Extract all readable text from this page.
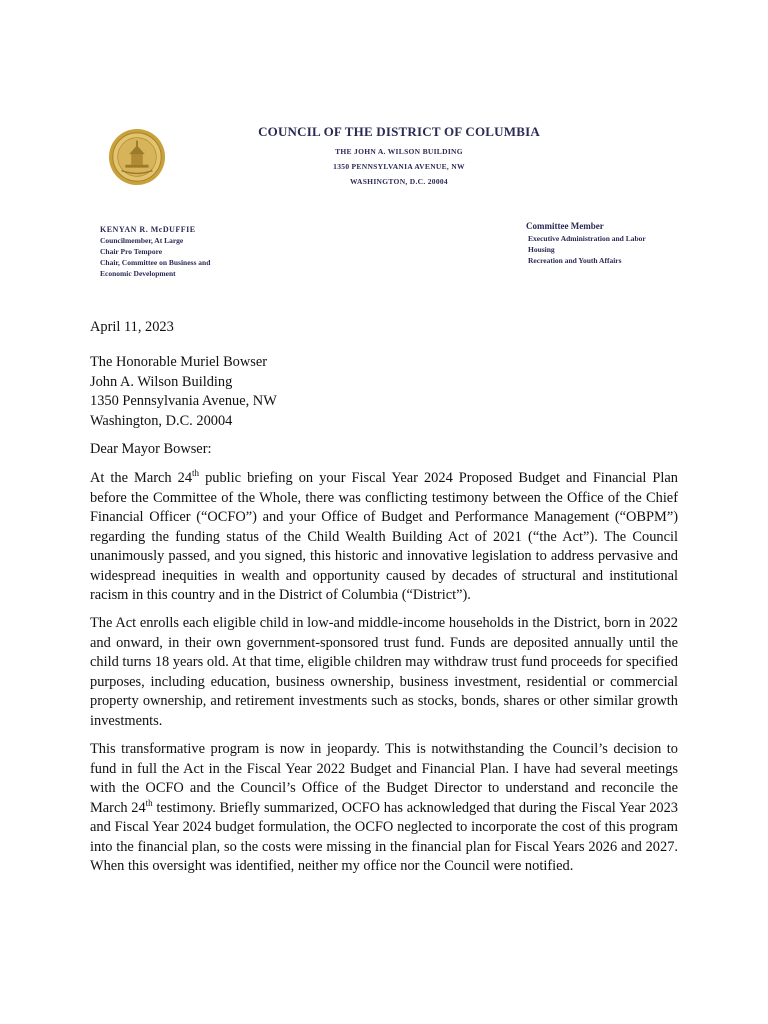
COUNCIL OF THE DISTRICT OF COLUMBIA
THE JOHN A. WILSON BUILDING
1350 PENNSYLVANIA AVENUE, NW
WASHINGTON, D.C. 20004
KENYAN R. McDUFFIE
Councilmember, At Large
Chair Pro Tempore
Chair, Committee on Business and
Economic Development
Committee Member
Executive Administration and Labor
Housing
Recreation and Youth Affairs
April 11, 2023
The Honorable Muriel Bowser
John A. Wilson Building
1350 Pennsylvania Avenue, NW
Washington, D.C. 20004
Dear Mayor Bowser:
At the March 24th public briefing on your Fiscal Year 2024 Proposed Budget and Financial Plan before the Committee of the Whole, there was conflicting testimony between the Office of the Chief Financial Officer (“OCFO”) and your Office of Budget and Performance Management (“OBPM”) regarding the funding status of the Child Wealth Building Act of 2021 (“the Act”). The Council unanimously passed, and you signed, this historic and innovative legislation to address pervasive and widespread inequities in wealth and opportunity caused by decades of structural and institutional racism in this country and in the District of Columbia (“District”).
The Act enrolls each eligible child in low-and middle-income households in the District, born in 2022 and onward, in their own government-sponsored trust fund. Funds are deposited annually until the child turns 18 years old. At that time, eligible children may withdraw trust fund proceeds for specified purposes, including education, business ownership, business investment, residential or commercial property ownership, and retirement investments such as stocks, bonds, shares or other similar growth investments.
This transformative program is now in jeopardy. This is notwithstanding the Council’s decision to fund in full the Act in the Fiscal Year 2022 Budget and Financial Plan. I have had several meetings with the OCFO and the Council’s Office of the Budget Director to understand and reconcile the March 24th testimony. Briefly summarized, OCFO has acknowledged that during the Fiscal Year 2023 and Fiscal Year 2024 budget formulation, the OCFO neglected to incorporate the cost of this program into the financial plan, so the costs were missing in the financial plan for Fiscal Years 2026 and 2027. When this oversight was identified, neither my office nor the Council were notified.
